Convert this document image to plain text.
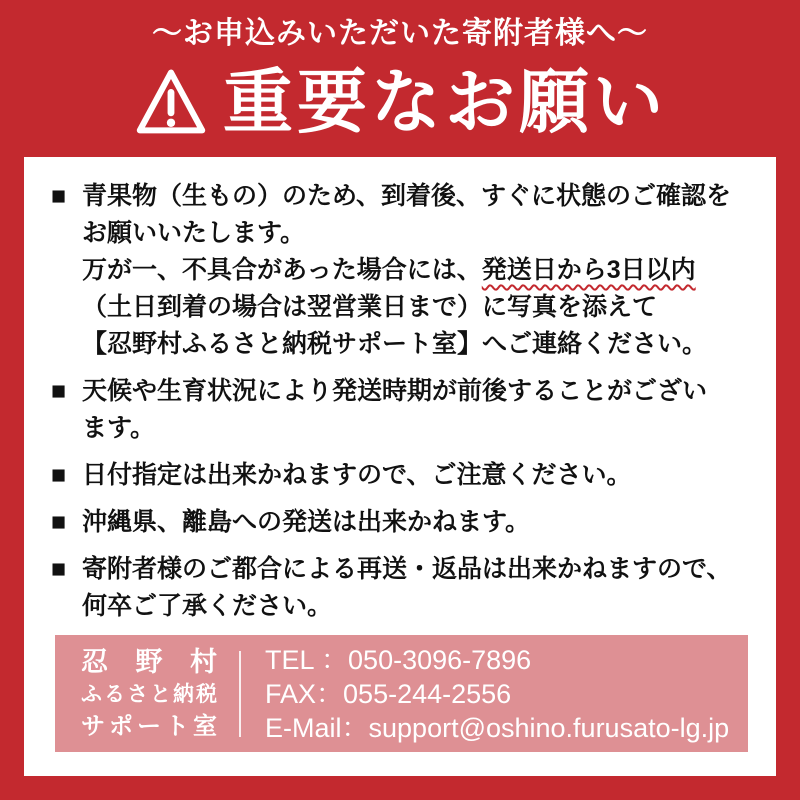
〜お申込みいただいた寄附者様へ〜
重要なお願い
■ 青果物（生もの）のため、到着後、すぐに状態のご確認を
お願いいたします。
万が一、不具合があった場合には、発送日から3日以内
（土日到着の場合は翌営業日まで）に写真を添えて
【忍野村ふるさと納税サポート室】へご連絡ください。
■ 天候や生育状況により発送時期が前後することがござい
ます。
■ 日付指定は出来かねますので、ご注意ください。
■ 沖縄県、離島への発送は出来かねます。
■ 寄附者様のご都合による再送・返品は出来かねますので、
何卒ご了承ください。
忍野村
ふるさと納税
サポート室
TEL ：050-3096-7896
FAX：055-244-2556
E-Mail：support@oshino.furusato-lg.jp
